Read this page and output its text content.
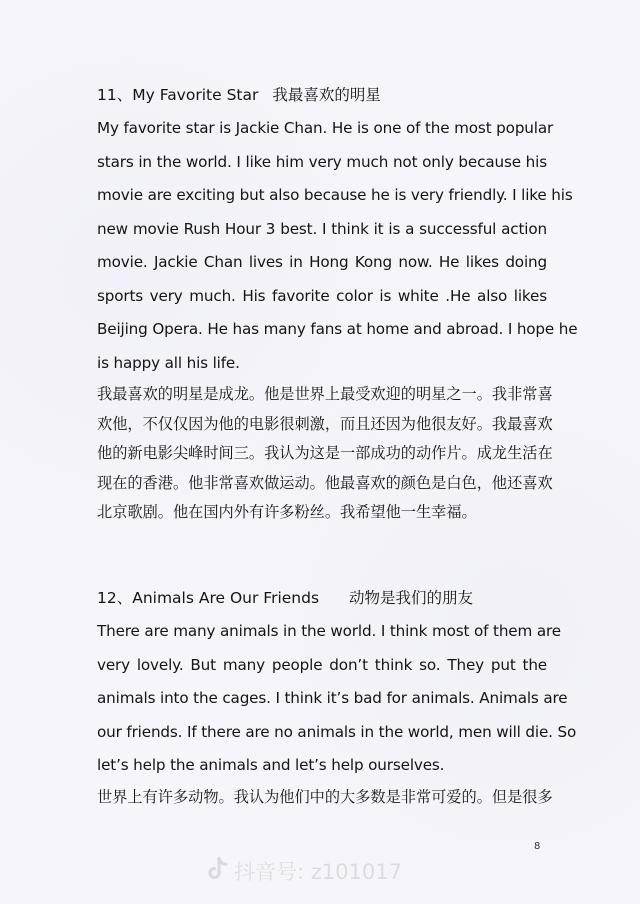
11、My Favorite Star 我最喜欢的明星
My favorite star is Jackie Chan. He is one of the most popular
stars in the world. I like him very much not only because his
movie are exciting but also because he is very friendly. I like his
new movie Rush Hour 3 best. I think it is a successful action
movie. Jackie Chan lives in Hong Kong now. He likes doing
sports very much. His favorite color is white .He also likes
Beijing Opera. He has many fans at home and abroad. I hope he
is happy all his life.
我最喜欢的明星是成龙。他是世界上最受欢迎的明星之一。我非常喜
欢他，不仅仅因为他的电影很刺激，而且还因为他很友好。我最喜欢
他的新电影尖峰时间三。我认为这是一部成功的动作片。成龙生活在
现在的香港。他非常喜欢做运动。他最喜欢的颜色是白色，他还喜欢
北京歌剧。他在国内外有许多粉丝。我希望他一生幸福。
12、Animals Are Our Friends 动物是我们的朋友
There are many animals in the world. I think most of them are
very lovely. But many people don’t think so. They put the
animals into the cages. I think it’s bad for animals. Animals are
our friends. If there are no animals in the world, men will die. So
let’s help the animals and let’s help ourselves.
世界上有许多动物。我认为他们中的大多数是非常可爱的。但是很多
8
抖音号: z101017
